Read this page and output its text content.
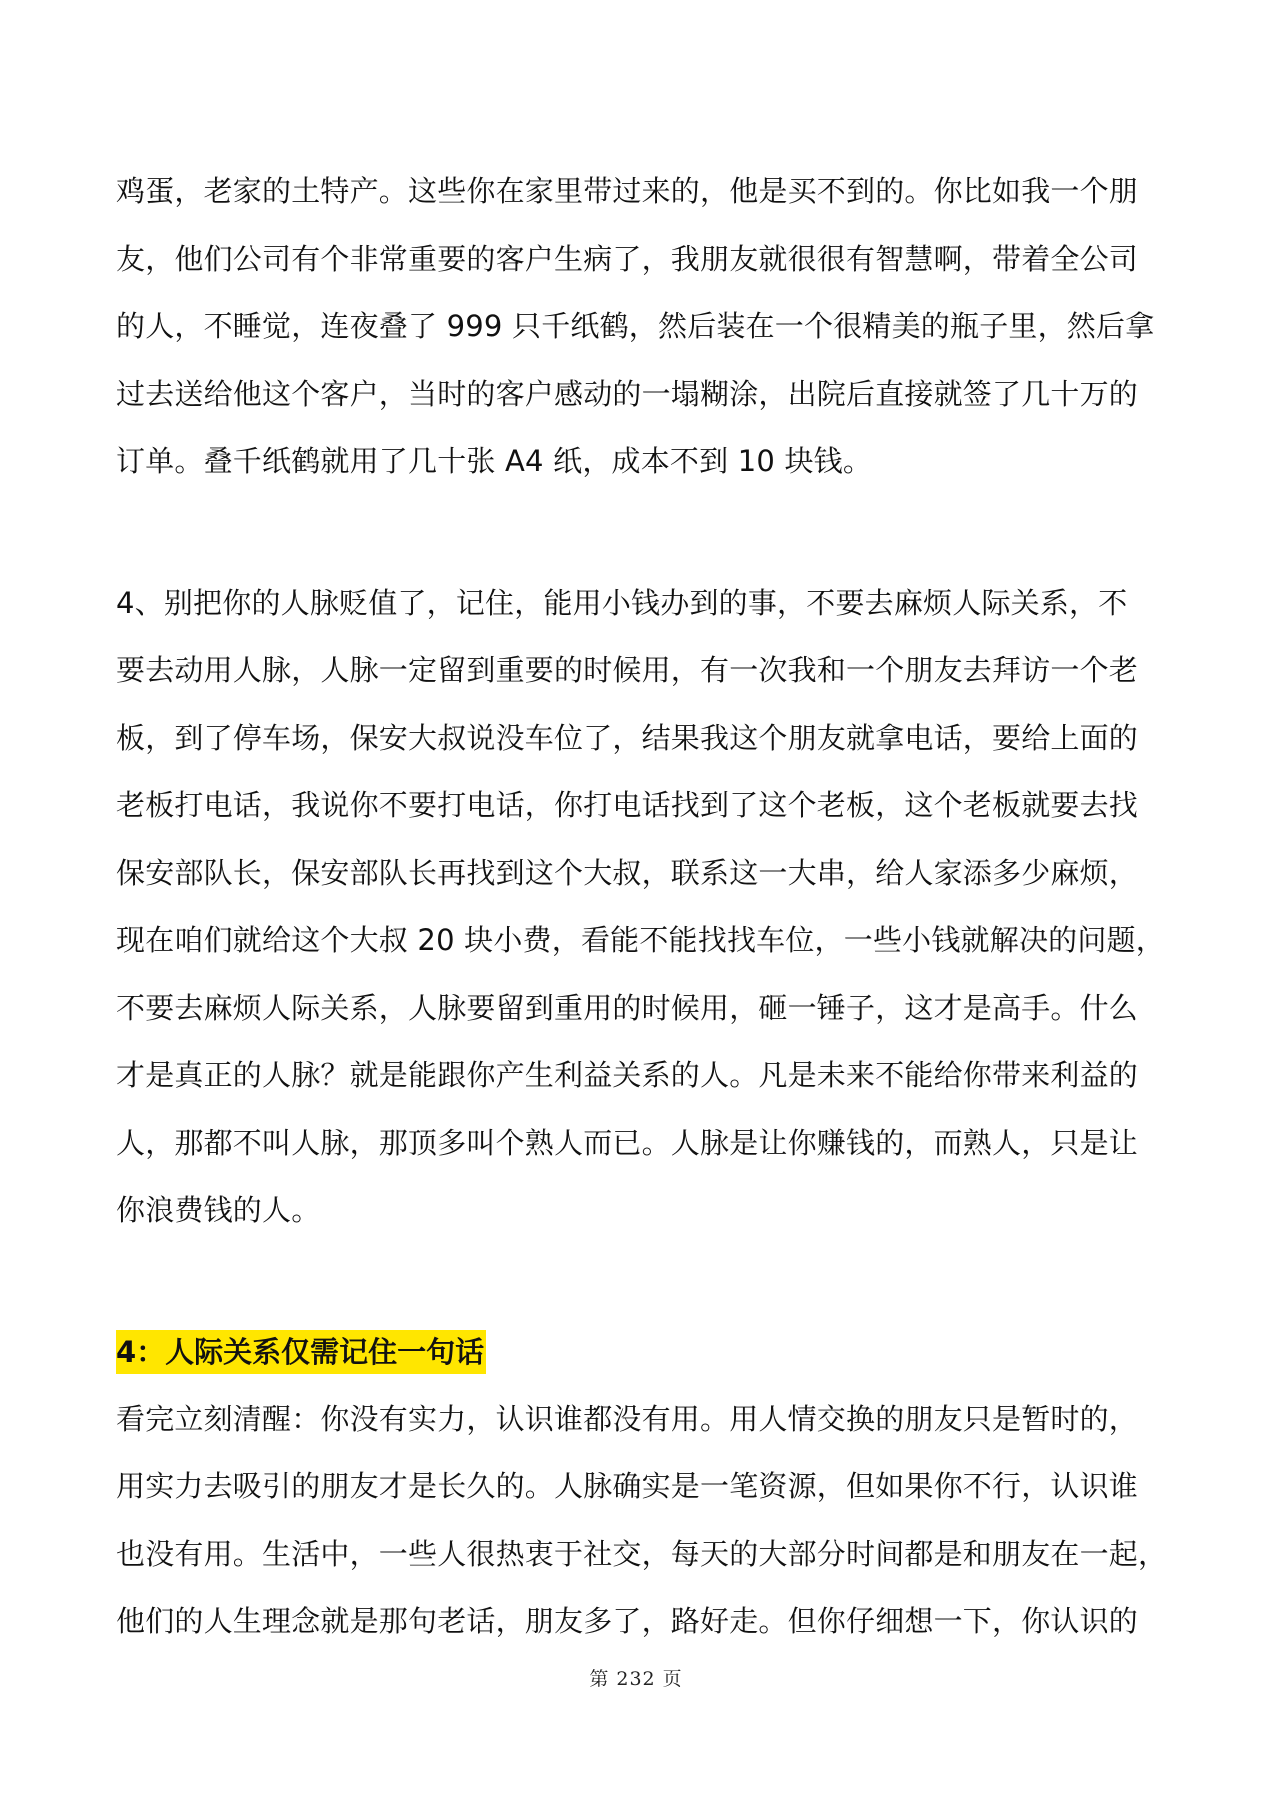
鸡蛋，老家的土特产。这些你在家里带过来的，他是买不到的。你比如我一个朋
友，他们公司有个非常重要的客户生病了，我朋友就很很有智慧啊，带着全公司
的人，不睡觉，连夜叠了 999 只千纸鹤，然后装在一个很精美的瓶子里，然后拿
过去送给他这个客户，当时的客户感动的一塌糊涂，出院后直接就签了几十万的
订单。叠千纸鹤就用了几十张 A4 纸，成本不到 10 块钱。
4、别把你的人脉贬值了，记住，能用小钱办到的事，不要去麻烦人际关系，不
要去动用人脉，人脉一定留到重要的时候用，有一次我和一个朋友去拜访一个老
板，到了停车场，保安大叔说没车位了，结果我这个朋友就拿电话，要给上面的
老板打电话，我说你不要打电话，你打电话找到了这个老板，这个老板就要去找
保安部队长，保安部队长再找到这个大叔，联系这一大串，给人家添多少麻烦，
现在咱们就给这个大叔 20 块小费，看能不能找找车位，一些小钱就解决的问题，
不要去麻烦人际关系，人脉要留到重用的时候用，砸一锤子，这才是高手。什么
才是真正的人脉？就是能跟你产生利益关系的人。凡是未来不能给你带来利益的
人，那都不叫人脉，那顶多叫个熟人而已。人脉是让你赚钱的，而熟人，只是让
你浪费钱的人。
4：人际关系仅需记住一句话
看完立刻清醒：你没有实力，认识谁都没有用。用人情交换的朋友只是暂时的，
用实力去吸引的朋友才是长久的。人脉确实是一笔资源，但如果你不行，认识谁
也没有用。生活中，一些人很热衷于社交，每天的大部分时间都是和朋友在一起，
他们的人生理念就是那句老话，朋友多了，路好走。但你仔细想一下，你认识的
第 232 页
